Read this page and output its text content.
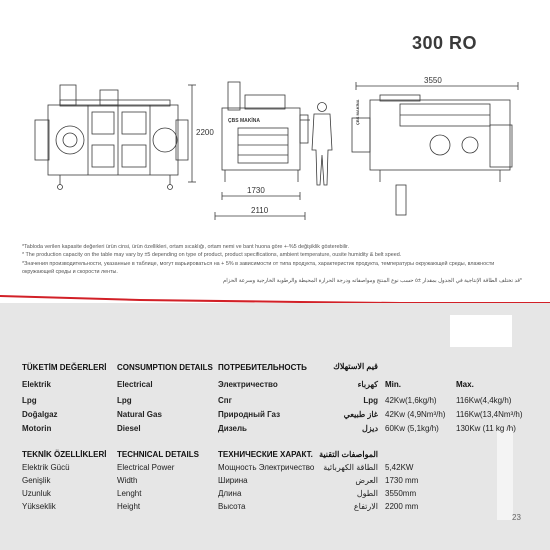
ÇBS MAKİNA	ÇBS MAKİNA
300 RO
3550
2200
1730
2110
*Tabloda verilen kapasite değerleri ürün cinsi, ürün özellikleri, ortam sıcaklığı, ortam nemi ve bant huona göre +-%5 değişiklik gösterebilir.
* The production capacity on the table may vary by ±5 depending on type of product, product specifications, ambient temperature, ousite humidity & belt speed.
*Значения производительности, указанные в таблице, могут варьироваться на + 5% в зависимости от типа продукта, характеристик продукта, температуры окружающей среды, влажности окружающей среды и скорости ленты.
*قد تختلف الطاقة الإنتاجية في الجدول بمقدار ±٥ حسب نوع المنتج ومواصفاته ودرجة الحرارة المحيطة والرطوبة الخارجية وسرعة الحزام
TÜKETİM DEĞERLERİ CONSUMPTION DETAILS ПОТРЕБИТЕЛЬНОСТЬ	قيم الاستهلاك
Min.	Max.
Elektrik	Electrical	Электричество	كهرباء
Lpg	Lpg	Спг	Lpg 42Kw(1,6kg/h) 116Kw(4,4kg/h)
Doğalgaz	Natural Gas	Природный Газ	غاز طبيعي 42Kw (4,9Nm³/h) 116Kw(13,4Nm³/h)
Motorin	Diesel	Дизель	ديزل 60Kw (5,1kg/h) 130Kw (11 kg /h)
TEKNİK ÖZELLİKLERİ TECHNICAL DETAILS ТЕХНИЧЕСКИЕ ХАРАКТ. المواصفات التقنية
Elektrik Gücü	Electrical Power	Мощность Электричество	الطاقة الكهربائية 5,42KW
Genişlik	Width	Ширина	العرض 1730 mm
Uzunluk	Lenght	Длина	الطول 3550mm
Yükseklik	Height	Высота	الارتفاع 2200 mm
23
